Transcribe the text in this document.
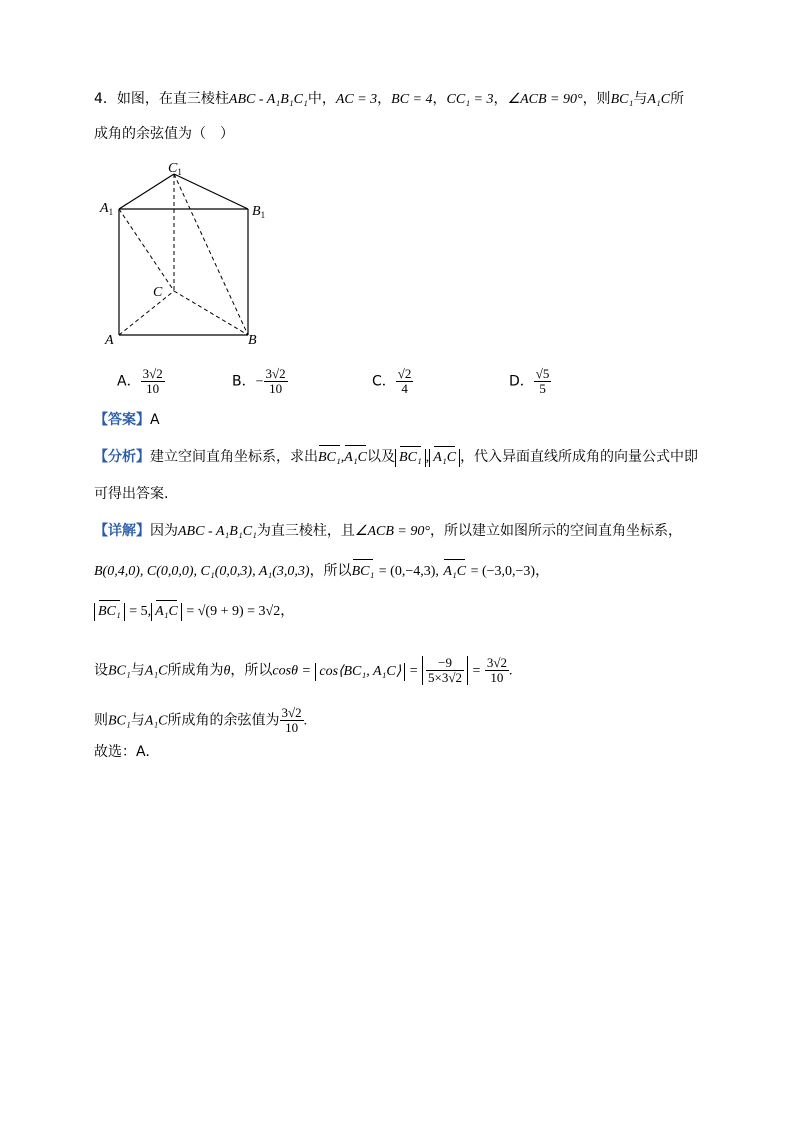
4．如图，在直三棱柱ABC - A₁B₁C₁中，AC = 3，BC = 4，CC₁ = 3，∠ACB = 90°，则BC₁与A₁C所
成角的余弦值为（　）
$C_1$
$A_1$	$B_1$
C
A	B
A． $\frac{3√2}{10}$	B．− $\frac{3√2}{10}$	C． $\frac{√2}{4}$	D． $\frac{√5}{5}$
【答案】A
【分析】建立空间直角坐标系，求出BC₁,A₁C以及 BC₁ , A₁C ，代入异面直线所成角的向量公式中即
可得出答案.
【详解】因为ABC - A₁B₁C₁为直三棱柱，且∠ACB = 90°，所以建立如图所示的空间直角坐标系，
B(0,4,0), C(0,0,0), C₁(0,0,3), A₁(3,0,3)，所以BC₁ = (0,−4,3), A₁C = (−3,0,−3)，
BC₁ = 5, A₁C = √(9 + 9) = 3√2，
设BC₁与A₁C所成角为θ，所以cosθ = cos⟨BC₁, A₁C⟩ = $\frac{-9}{5\times 3√2} = \frac{3√2}{10}$ .
则BC₁与A₁C所成角的余弦值为 $\frac{3√2}{10}$ .
故选：A.
